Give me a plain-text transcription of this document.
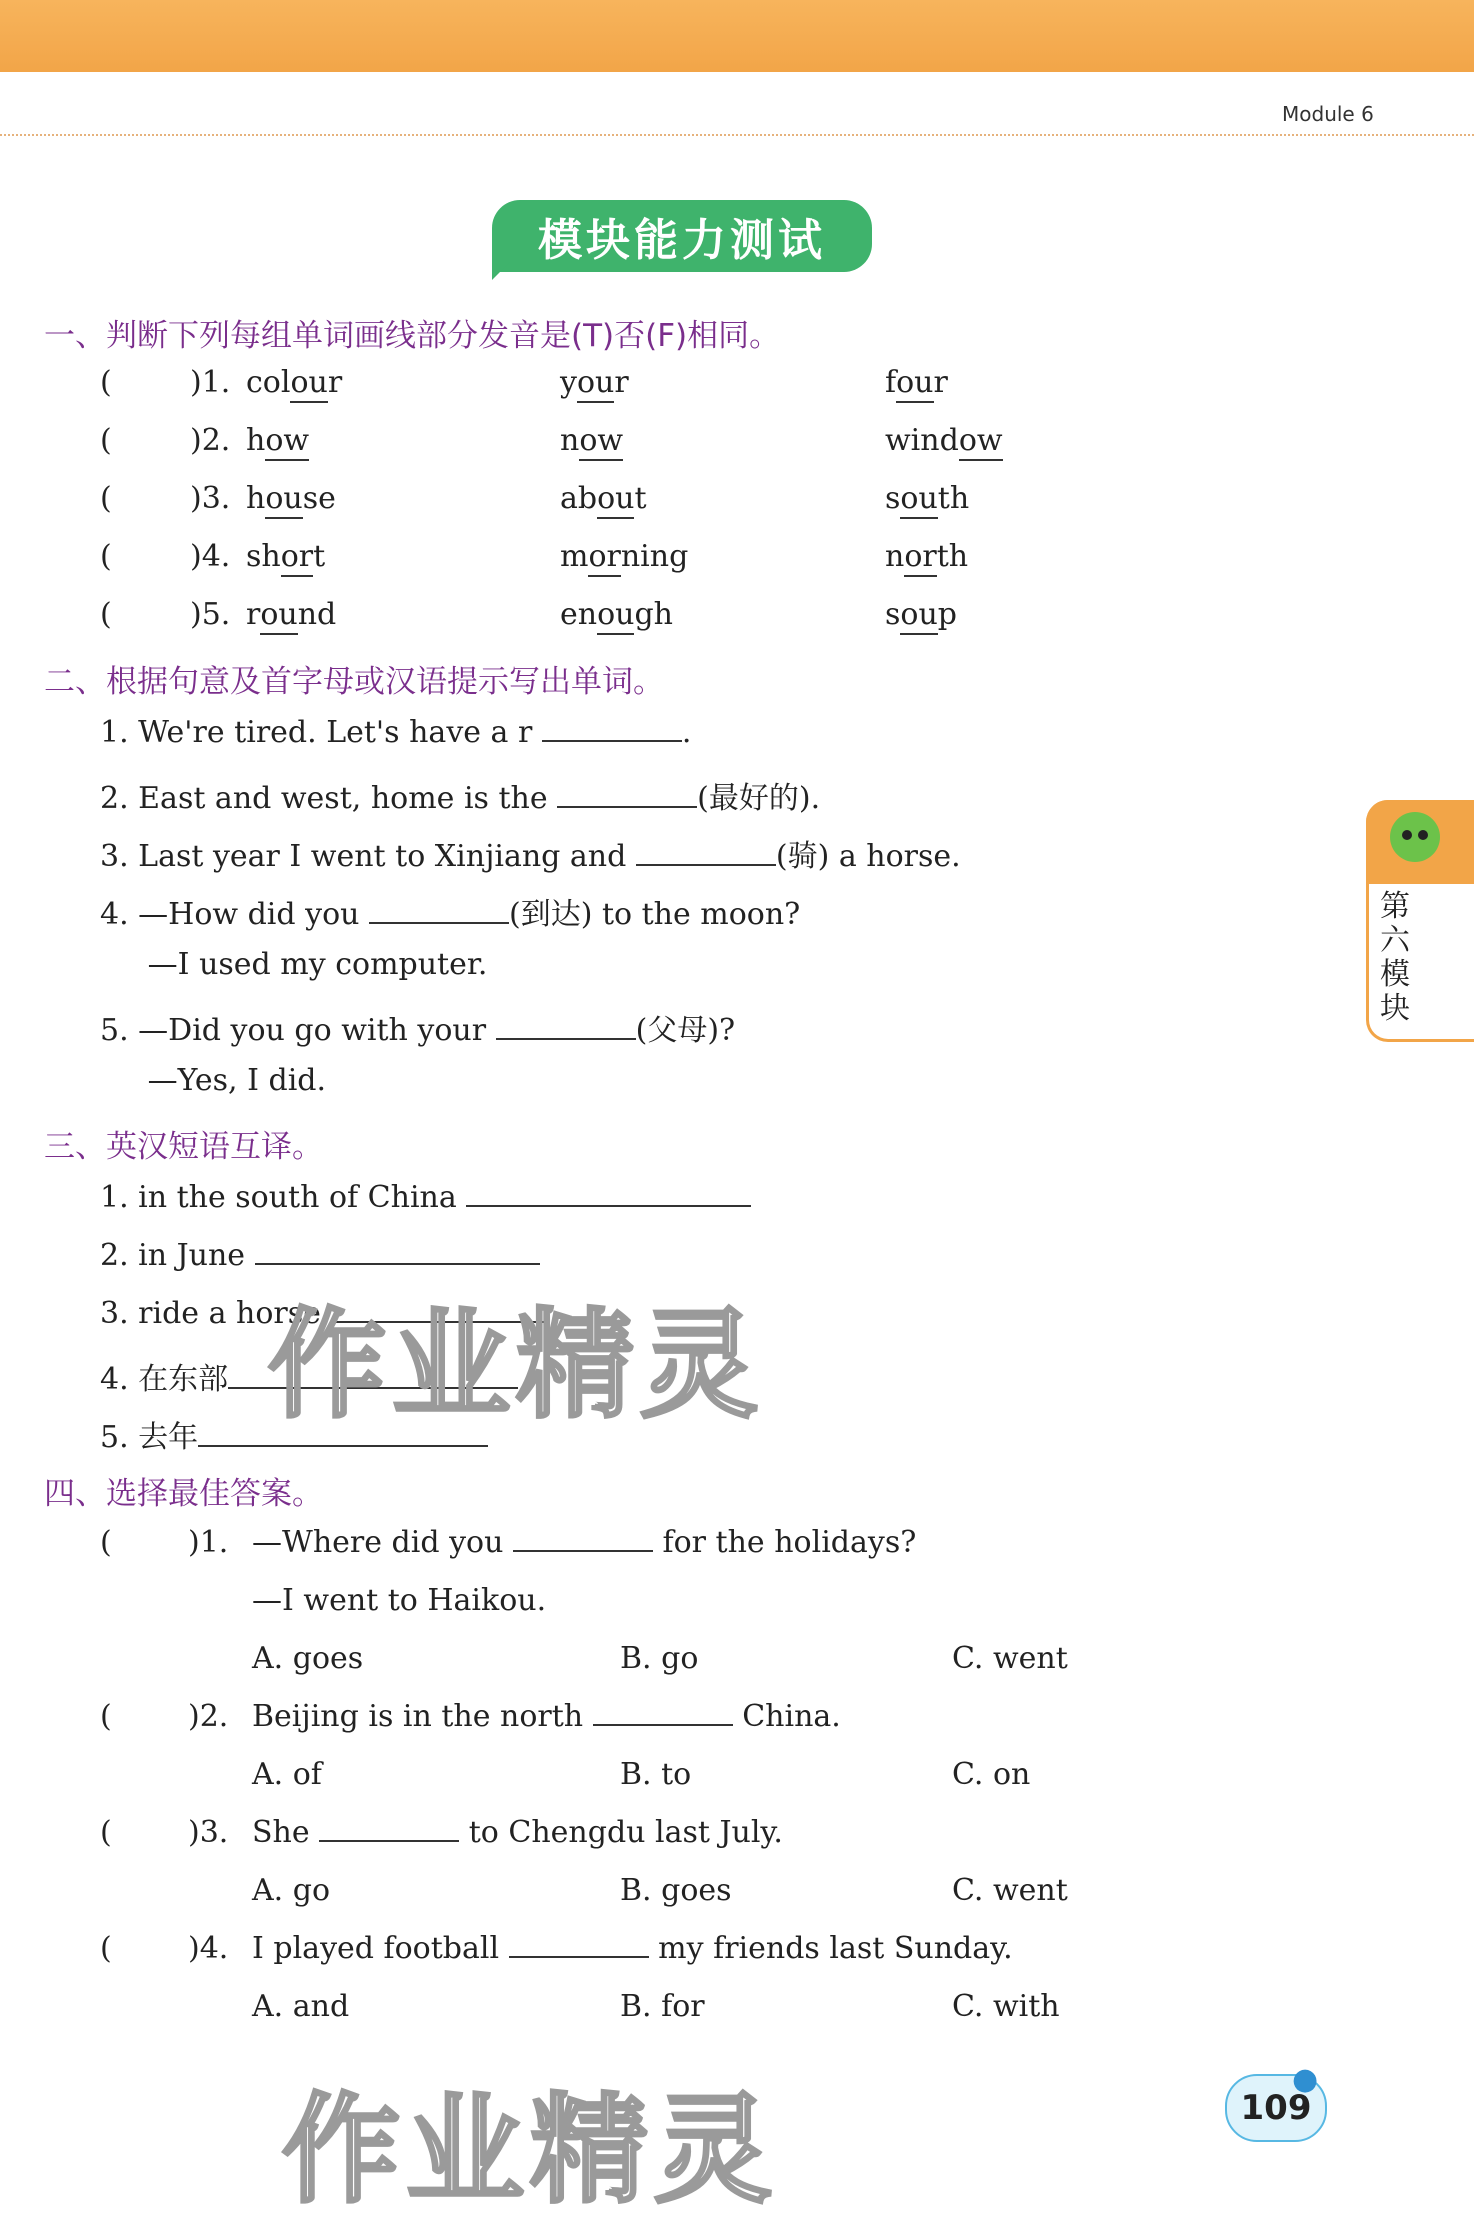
Module 6
模块能力测试
一、判断下列每组单词画线部分发音是(T)否(F)相同。
(	)1. colour	your	four
(	)2. how	now	window
(	)3. house	about	south
(	)4. short	morning	north
(	)5. round	enough	soup
二、根据句意及首字母或汉语提示写出单词。
1. We're tired. Let's have a r	.
2. East and west, home is the	(最好的).
3. Last year I went to Xinjiang and	(骑) a horse.
4. —How did you	(到达) to the moon?
—I used my computer.
5. —Did you go with your	(父母)?
—Yes, I did.
三、英汉短语互译。
1. in the south of China
2. in June
3. ride a horse
4. 在东部
5. 去年
作业精灵
四、选择最佳答案。
(	)1. —Where did you	for the holidays?
—I went to Haikou.
A. goes	B. go	C. went
(	)2. Beijing is in the north	China.
A. of	B. to	C. on
(	)3. She	to Chengdu last July.
A. go	B. goes	C. went
(	)4. I played football	my friends last Sunday.
A. and	B. for	C. with
作业精灵
第六模块
109
●
